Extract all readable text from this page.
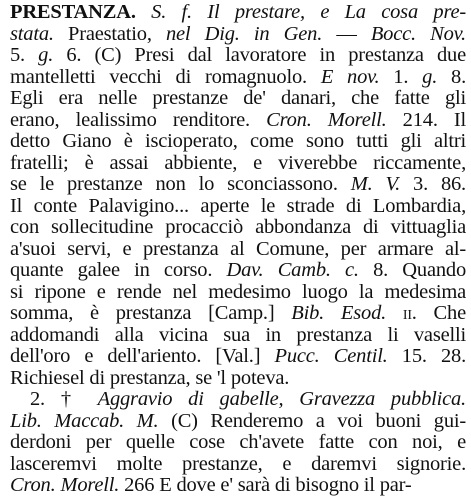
PRESTANZA. S. f. Il prestare, e La cosa pre-
stata. Praestatio, nel Dig. in Gen. — Bocc. Nov.
5. g. 6. (C) Presi dal lavoratore in prestanza due
mantelletti vecchi di romagnuolo. E nov. 1. g. 8.
Egli era nelle prestanze de' danari, che fatte gli
erano, lealissimo renditore. Cron. Morell. 214. Il
detto Giano è iscioperato, come sono tutti gli altri
fratelli; è assai abbiente, e viverebbe riccamente,
se le prestanze non lo sconciassono. M. V. 3. 86.
Il conte Palavigino... aperte le strade di Lombardia,
con sollecitudine procacciò abbondanza di vittuaglia
a'suoi servi, e prestanza al Comune, per armare al-
quante galee in corso. Dav. Camb. c. 8. Quando
si ripone e rende nel medesimo luogo la medesima
somma, è prestanza [Camp.] Bib. Esod. ii. Che
addomandi alla vicina sua in prestanza li vaselli
dell'oro e dell'ariento. [Val.] Pucc. Centil. 15. 28.
Richiesel di prestanza, se 'l poteva.
2. † Aggravio di gabelle, Gravezza pubblica.
Lib. Maccab. M. (C) Renderemo a voi buoni gui-
derdoni per quelle cose ch'avete fatte con noi, e
lasceremvi molte prestanze, e daremvi signorie.
Cron. Morell. 266 E dove e' sarà di bisogno il par-
